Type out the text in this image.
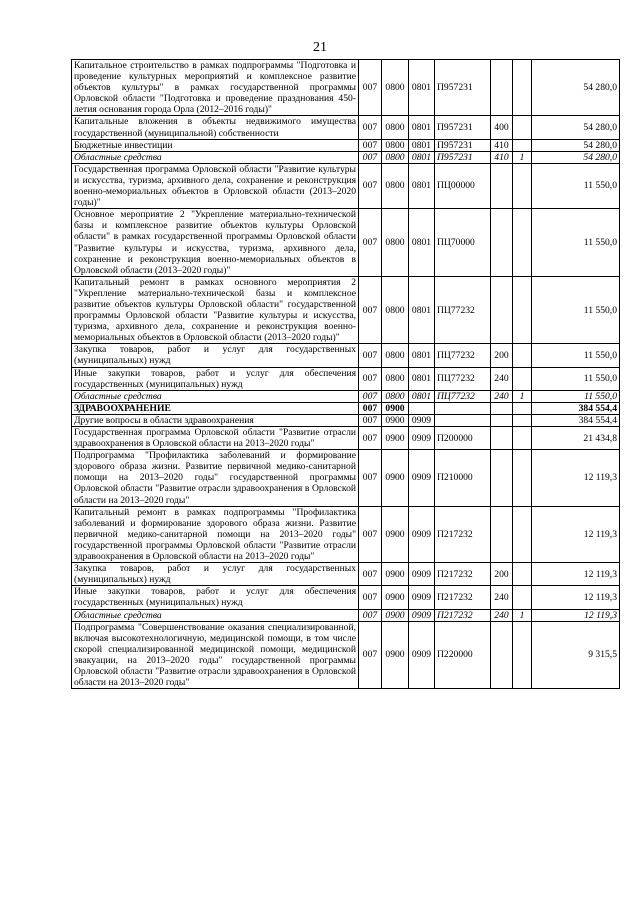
21
Капитальное строительство в рамках подпрограммы "Подготовка и проведение культурных мероприятий и комплексное развитие объектов культуры" в рамках государственной программы Орловской области "Подготовка и проведение празднования 450-летия основания города Орла (2012–2016 годы)"	007	0800	0801	П957231			54 280,0
Капитальные вложения в объекты недвижимого имущества государственной (муниципальной) собственности	007	0800	0801	П957231	400		54 280,0
Бюджетные инвестиции	007	0800	0801	П957231	410		54 280,0
Областные средства	007	0800	0801	П957231	410	1	54 280,0
Государственная программа Орловской области "Развитие культуры и искусства, туризма, архивного дела, сохранение и реконструкция военно-мемориальных объектов в Орловской области (2013–2020 годы)"	007	0800	0801	ПЦ00000			11 550,0
Основное мероприятие 2 "Укрепление материально-технической базы и комплексное развитие объектов культуры Орловской области" в рамках государственной программы Орловской области "Развитие культуры и искусства, туризма, архивного дела, сохранение и реконструкция военно-мемориальных объектов в Орловской области (2013–2020 годы)"	007	0800	0801	ПЦ70000			11 550,0
Капитальный ремонт в рамках основного мероприятия 2 "Укрепление материально-технической базы и комплексное развитие объектов культуры Орловской области" государственной программы Орловской области "Развитие культуры и искусства, туризма, архивного дела, сохранение и реконструкция военно-мемориальных объектов в Орловской области (2013–2020 годы)"	007	0800	0801	ПЦ77232			11 550,0
Закупка товаров, работ и услуг для государственных (муниципальных) нужд	007	0800	0801	ПЦ77232	200		11 550,0
Иные закупки товаров, работ и услуг для обеспечения государственных (муниципальных) нужд	007	0800	0801	ПЦ77232	240		11 550,0
Областные средства	007	0800	0801	ПЦ77232	240	1	11 550,0
ЗДРАВООХРАНЕНИЕ	007	0900					384 554,4
Другие вопросы в области здравоохранения	007	0900	0909				384 554,4
Государственная программа Орловской области "Развитие отрасли здравоохранения в Орловской области на 2013–2020 годы"	007	0900	0909	П200000			21 434,8
Подпрограмма "Профилактика заболеваний и формирование здорового образа жизни. Развитие первичной медико-санитарной помощи на 2013–2020 годы" государственной программы Орловской области "Развитие отрасли здравоохранения в Орловской области на 2013–2020 годы"	007	0900	0909	П210000			12 119,3
Капитальный ремонт в рамках подпрограммы "Профилактика заболеваний и формирование здорового образа жизни. Развитие первичной медико-санитарной помощи на 2013–2020 годы" государственной программы Орловской области "Развитие отрасли здравоохранения в Орловской области на 2013–2020 годы"	007	0900	0909	П217232			12 119,3
Закупка товаров, работ и услуг для государственных (муниципальных) нужд	007	0900	0909	П217232	200		12 119,3
Иные закупки товаров, работ и услуг для обеспечения государственных (муниципальных) нужд	007	0900	0909	П217232	240		12 119,3
Областные средства	007	0900	0909	П217232	240	1	12 119,3
Подпрограмма "Совершенствование оказания специализированной, включая высокотехнологичную, медицинской помощи, в том числе скорой специализированной медицинской помощи, медицинской эвакуации, на 2013–2020 годы" государственной программы Орловской области "Развитие отрасли здравоохранения в Орловской области на 2013–2020 годы"	007	0900	0909	П220000			9 315,5
